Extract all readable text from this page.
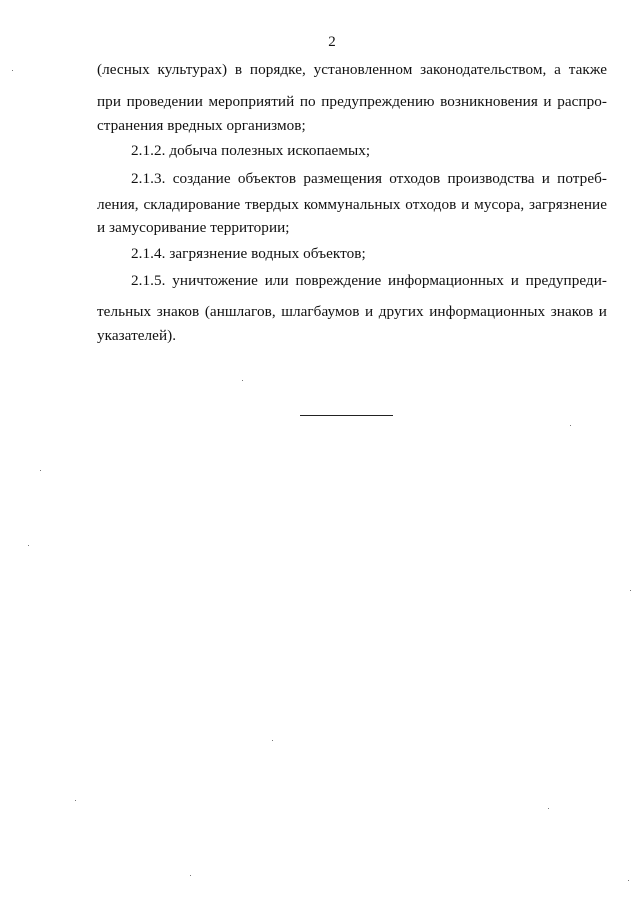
2
(лесных культурах) в порядке, установленном законодательством, а также
при проведении мероприятий по предупреждению возникновения и распро-
странения вредных организмов;
2.1.2. добыча полезных ископаемых;
2.1.3. создание объектов размещения отходов производства и потреб-
ления, складирование твердых коммунальных отходов и мусора, загрязнение
и замусоривание территории;
2.1.4. загрязнение водных объектов;
2.1.5. уничтожение или повреждение информационных и предупреди-
тельных знаков (аншлагов, шлагбаумов и других информационных знаков и
указателей).
